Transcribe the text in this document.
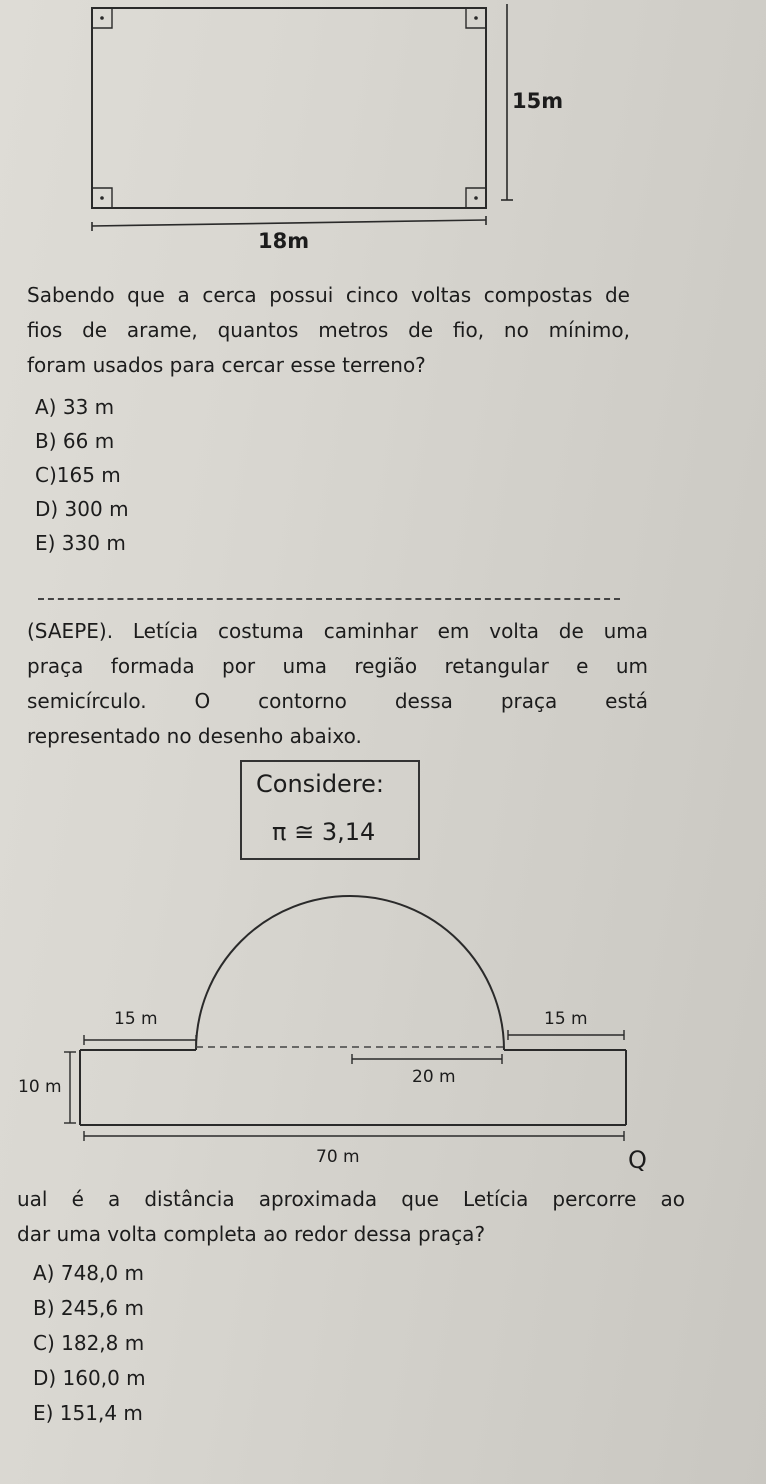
15m
18m
Sabendo que a cerca possui cinco voltas compostas de
fios de arame, quantos metros de fio, no mínimo,
foram usados para cercar esse terreno?
A) 33 m
B) 66 m
C)165 m
D) 300 m
E) 330 m
(SAEPE). Letícia costuma caminhar em volta de uma
praça formada por uma região retangular e um
semicírculo. O contorno dessa praça está
representado no desenho abaixo.
Considere:
π ≅ 3,14
15 m	15 m
20 m
10 m
70 m	Q
ual é a distância aproximada que Letícia percorre ao
dar uma volta completa ao redor dessa praça?
A) 748,0 m
B) 245,6 m
C) 182,8 m
D) 160,0 m
E) 151,4 m
